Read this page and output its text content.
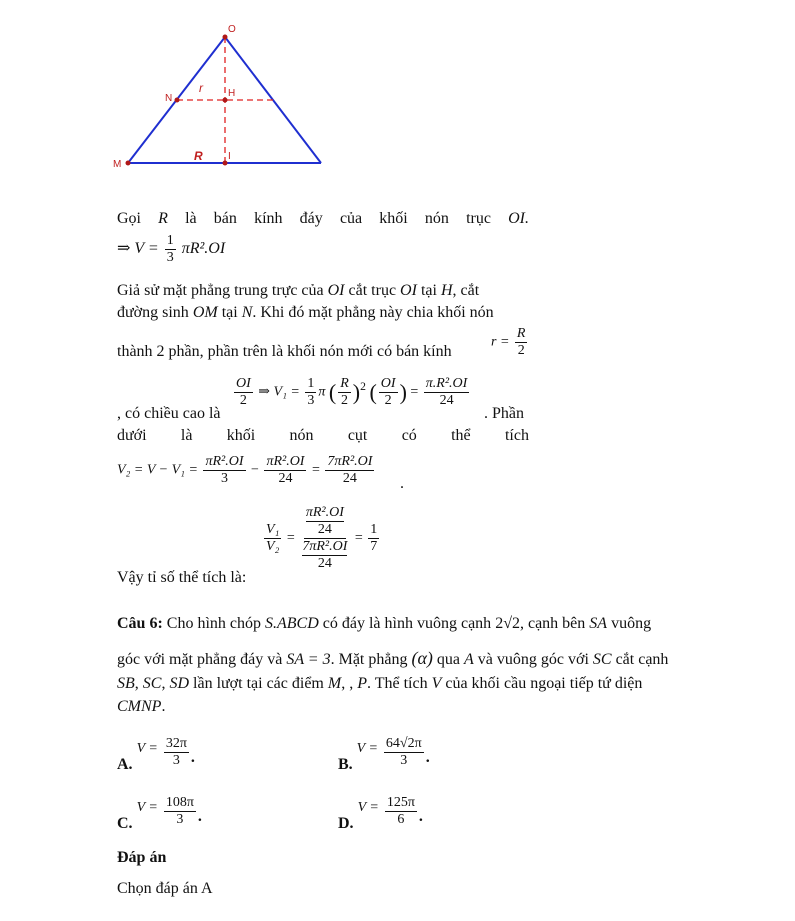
O
N	H
M
I
r
R
Gọi R là bán kính đáy của khối nón trục OI.
⇒ $V = \frac{1}{3} \pi R^2.OI$
Giả sử mặt phẳng trung trực của OI cắt trục OI tại H, cắt
đường sinh OM tại N. Khi đó mặt phẳng này chia khối nón
thành 2 phần, phần trên là khối nón mới có bán kính
$r = \frac{R}{2}$
, có chiều cao là
$\frac{OI}{2}$ ⇒ $V_1 = \frac{1}{3}$ π ( $\frac{R}{2} )^2$ ( $\frac{OI}{2}$ ) = $\frac{\text{π.R².OI}}{24}$
. Phần
dưới là khối nón cụt có thể tích
$V_2 = V - V_1 = \frac{\text{πR².OI}}{3} - \frac{\text{πR².OI}}{24} = \frac{\text{7πR².OI}}{24}$ .
$\frac{\text{V₁}}{\text{V₂}} = \frac{\frac{\text{πR².OI}}{24}}{\frac{\text{7πR².OI}}{24}} = \frac{1}{7}$
Vậy tỉ số thể tích là:
Câu 6: Cho hình chóp S.ABCD có đáy là hình vuông cạnh 2√2, cạnh bên SA vuông
góc với mặt phẳng đáy và SA = 3. Mặt phẳng (α) qua A và vuông góc với SC cắt cạnh
SB, SC, SD lần lượt tại các điểm M, , P. Thể tích V của khối cầu ngoại tiếp tứ diện
CMNP.
A. $V = \frac{32\pi}{3}$ .	B. $V = \frac{64√2\pi}{3}$ .
C. $V = \frac{108\pi}{3}$ .	D. $V = \frac{125\pi}{6}$ .
Đáp án
Chọn đáp án A
